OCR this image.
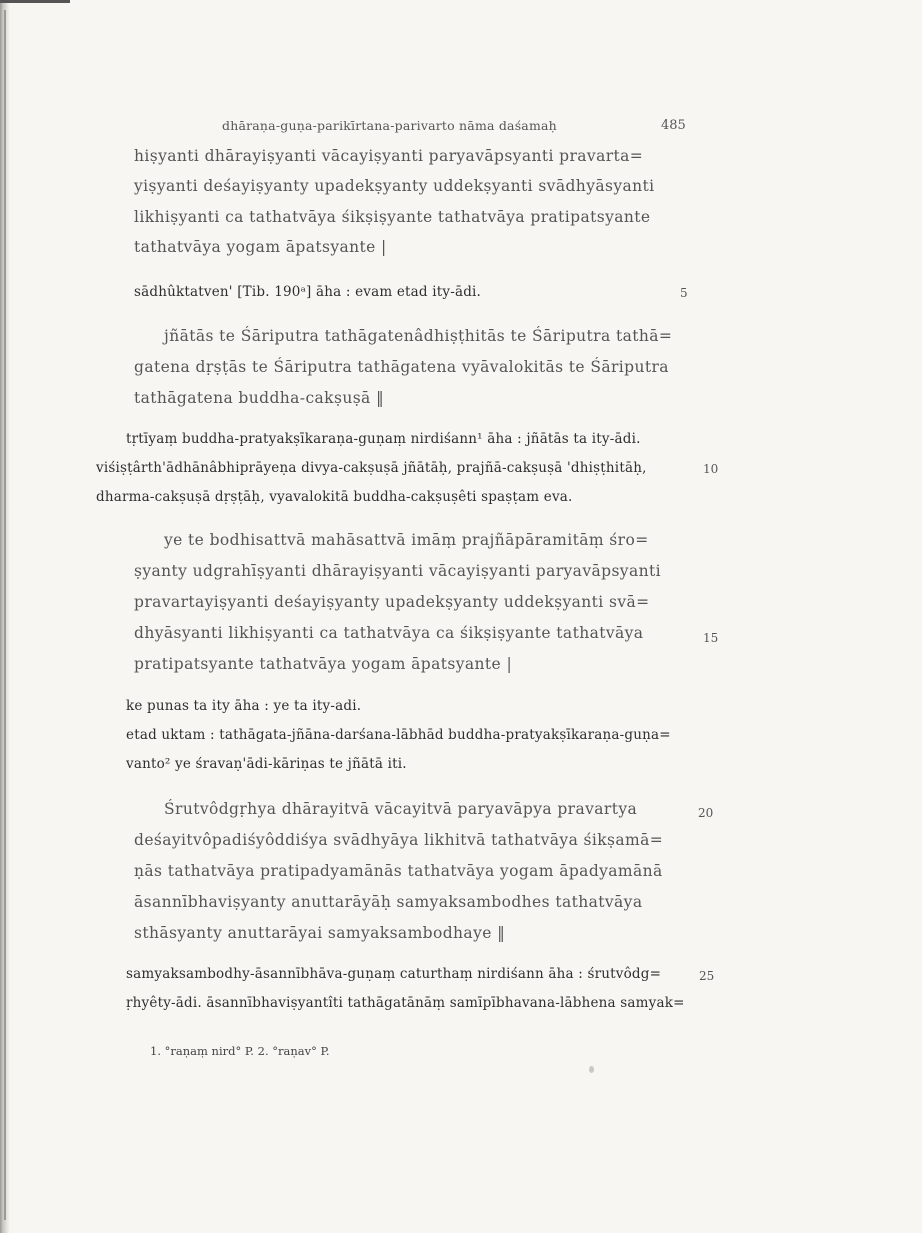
dhāraṇa-guṇa-parikīrtana-parivarto nāma daśamaḥ	485

hiṣyanti dhārayiṣyanti vācayiṣyanti paryavāpsyanti pravarta=

yiṣyanti deśayiṣyanty upadekṣyanty uddekṣyanti svādhyāsyanti

likhiṣyanti ca tathatvāya śikṣiṣyante tathatvāya pratipatsyante

tathatvāya yogam āpatsyante |

sādhûktatven' [Tib. 190ᵃ] āha : evam etad ity-ādi.	5

jñātās te Śāriputra tathāgatenâdhiṣṭhitās te Śāriputra tathā=

gatena dṛṣṭās te Śāriputra tathāgatena vyāvalokitās te Śāriputra

tathāgatena buddha-cakṣuṣā ‖

tṛtīyaṃ buddha-pratyakṣīkaraṇa-guṇaṃ nirdiśann¹ āha : jñātās ta ity-ādi.

viśiṣṭârth'ādhānâbhiprāyeṇa divya-cakṣuṣā jñātāḥ, prajñā-cakṣuṣā 'dhiṣṭhitāḥ,	10

dharma-cakṣuṣā dṛṣṭāḥ, vyavalokitā buddha-cakṣuṣêti spaṣṭam eva.

ye te bodhisattvā mahāsattvā imāṃ prajñāpāramitāṃ śro=

ṣyanty udgrahīṣyanti dhārayiṣyanti vācayiṣyanti paryavāpsyanti

pravartayiṣyanti deśayiṣyanty upadekṣyanty uddekṣyanti svā=

dhyāsyanti likhiṣyanti ca tathatvāya ca śikṣiṣyante tathatvāya	15

pratipatsyante tathatvāya yogam āpatsyante |

ke punas ta ity āha : ye ta ity-adi.

etad uktam : tathāgata-jñāna-darśana-lābhād buddha-pratyakṣīkaraṇa-guṇa=

vanto² ye śravaṇ'ādi-kāriṇas te jñātā iti.

Śrutvôdgṛhya dhārayitvā vācayitvā paryavāpya pravartya	20

deśayitvôpadiśyôddiśya svādhyāya likhitvā tathatvāya śikṣamā=

ṇās tathatvāya pratipadyamānās tathatvāya yogam āpadyamānā

āsannībhaviṣyanty anuttarāyāḥ samyaksambodhes tathatvāya

sthāsyanty anuttarāyai samyaksambodhaye ‖

samyaksambodhy-āsannībhāva-guṇaṃ caturthaṃ nirdiśann āha : śrutvôdg=	25

ṛhyêty-ādi. āsannībhaviṣyantîti tathāgatānāṃ samīpībhavana-lābhena samyak=

1. °raṇaṃ nird° P. 2. °raṇav° P.
